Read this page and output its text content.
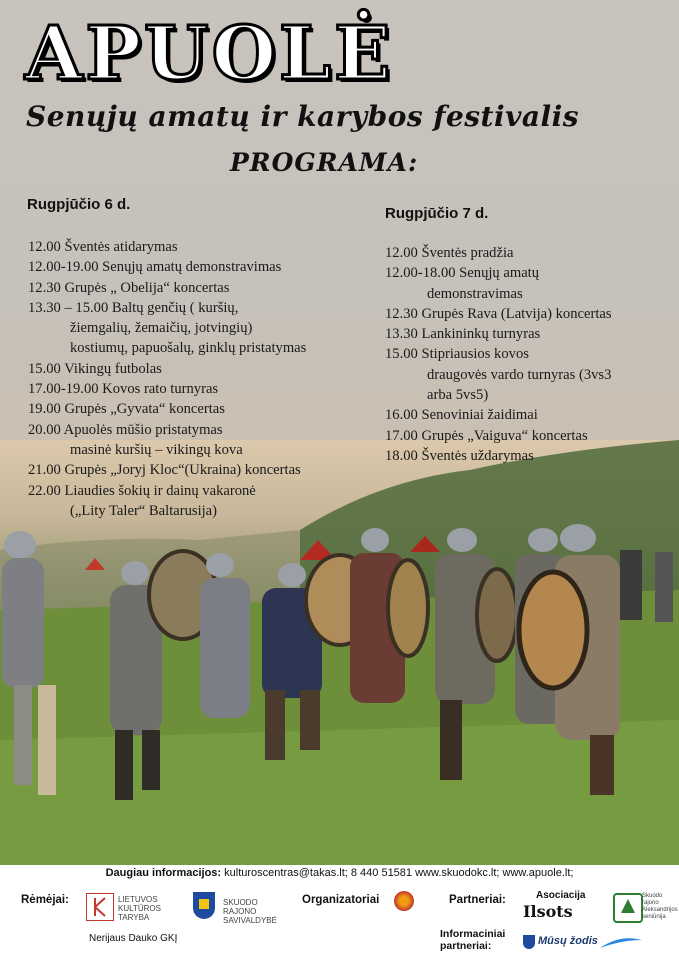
APUOLĖ
Senųjų amatų ir karybos festivalis
PROGRAMA:
Rugpjūčio 6 d.
12.00 Šventės atidarymas
12.00-19.00 Senųjų amatų demonstravimas
12.30 Grupės „ Obelija“ koncertas
13.30 – 15.00 Baltų genčių ( kuršių,
žiemgalių, žemaičių, jotvingių)
kostiumų, papuošalų, ginklų pristatymas
15.00 Vikingų futbolas
17.00-19.00 Kovos rato turnyras
19.00 Grupės „Gyvata“ koncertas
20.00 Apuolės mūšio pristatymas
masinė kuršių – vikingų kova
21.00 Grupės „Joryj Kloc“(Ukraina) koncertas
22.00 Liaudies šokių ir dainų vakaronė
(„Lity Taler“ Baltarusija)
Rugpjūčio 7 d.
12.00 Šventės pradžia
12.00-18.00 Senųjų amatų
demonstravimas
12.30 Grupės Rava (Latvija) koncertas
13.30 Lankininkų turnyras
15.00 Stipriausios kovos
draugovės vardo turnyras (3vs3
arba 5vs5)
16.00 Senoviniai žaidimai
17.00 Grupės „Vaiguva“ koncertas
18.00 Šventės uždarymas
Daugiau informacijos: kulturoscentras@takas.lt; 8 440 51581 www.skuodokc.lt; www.apuole.lt;
Rėmėjai:	LIETUVOS KULTŪROS TARYBA
SKUODO RAJONO SAVIVALDYBĖ
Organizatoriai	Partneriai:	Asociacija
Ilsots
Skuodo rajono Aleksandrijos seniūnija
Nerijaus Dauko GKĮ	Informaciniai partneriai:	Mūsų žodis
